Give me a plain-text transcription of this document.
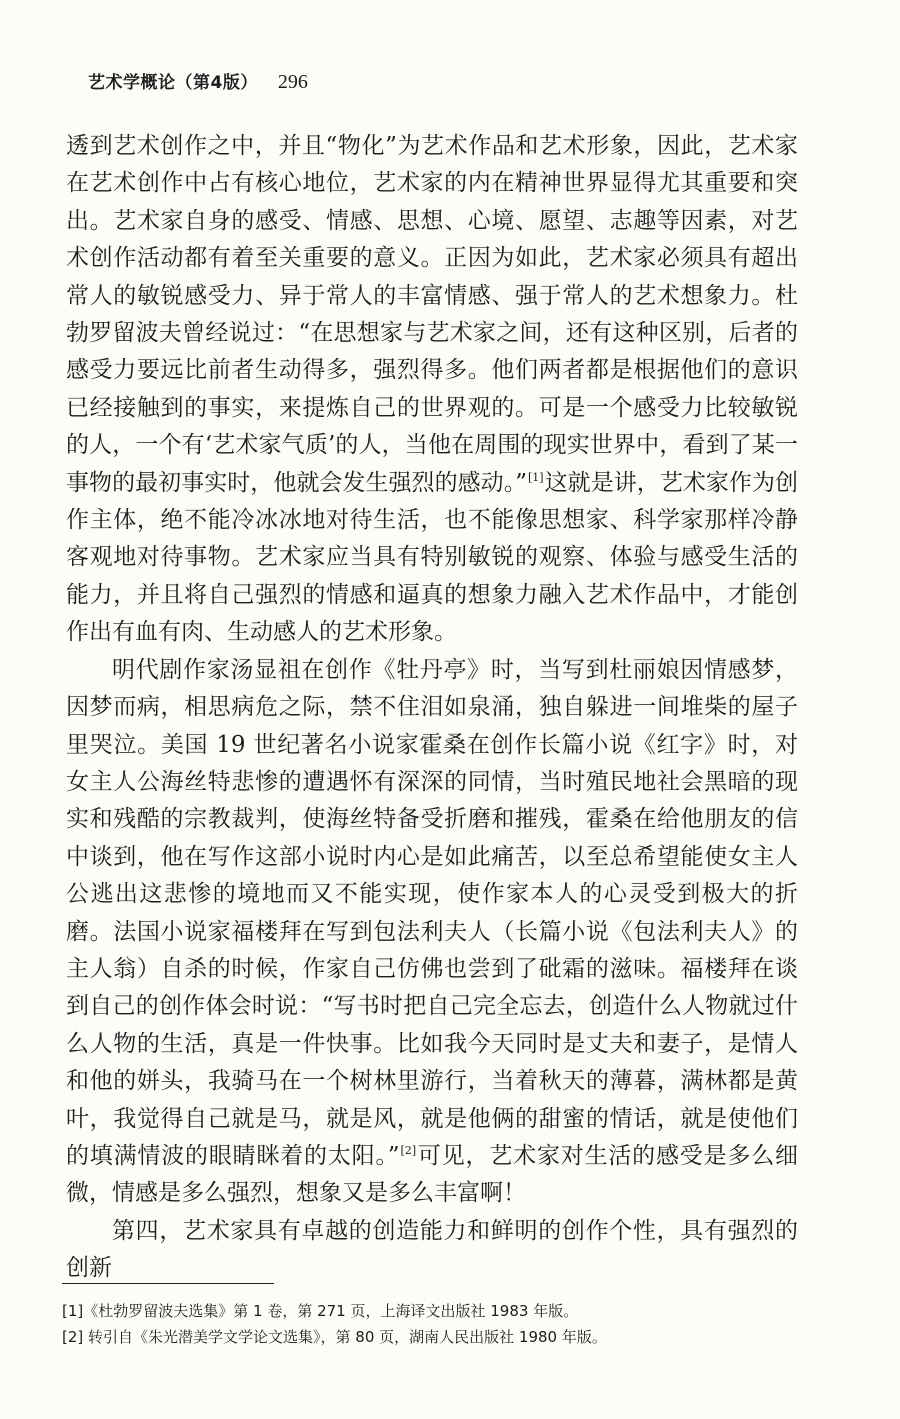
艺术学概论（第4版） 296

透到艺术创作之中，并且“物化”为艺术作品和艺术形象，因此，艺术家在艺术创作中占有核心地位，艺术家的内在精神世界显得尤其重要和突出。艺术家自身的感受、情感、思想、心境、愿望、志趣等因素，对艺术创作活动都有着至关重要的意义。正因为如此，艺术家必须具有超出常人的敏锐感受力、异于常人的丰富情感、强于常人的艺术想象力。杜勃罗留波夫曾经说过：“在思想家与艺术家之间，还有这种区别，后者的感受力要远比前者生动得多，强烈得多。他们两者都是根据他们的意识已经接触到的事实，来提炼自己的世界观的。可是一个感受力比较敏锐的人，一个有‘艺术家气质’的人，当他在周围的现实世界中，看到了某一事物的最初事实时，他就会发生强烈的感动。”[1]这就是讲，艺术家作为创作主体，绝不能冷冰冰地对待生活，也不能像思想家、科学家那样冷静客观地对待事物。艺术家应当具有特别敏锐的观察、体验与感受生活的能力，并且将自己强烈的情感和逼真的想象力融入艺术作品中，才能创作出有血有肉、生动感人的艺术形象。

明代剧作家汤显祖在创作《牡丹亭》时，当写到杜丽娘因情感梦，因梦而病，相思病危之际，禁不住泪如泉涌，独自躲进一间堆柴的屋子里哭泣。美国 19 世纪著名小说家霍桑在创作长篇小说《红字》时，对女主人公海丝特悲惨的遭遇怀有深深的同情，当时殖民地社会黑暗的现实和残酷的宗教裁判，使海丝特备受折磨和摧残，霍桑在给他朋友的信中谈到，他在写作这部小说时内心是如此痛苦，以至总希望能使女主人公逃出这悲惨的境地而又不能实现，使作家本人的心灵受到极大的折磨。法国小说家福楼拜在写到包法利夫人（长篇小说《包法利夫人》的主人翁）自杀的时候，作家自己仿佛也尝到了砒霜的滋味。福楼拜在谈到自己的创作体会时说：“写书时把自己完全忘去，创造什么人物就过什么人物的生活，真是一件快事。比如我今天同时是丈夫和妻子，是情人和他的姘头，我骑马在一个树林里游行，当着秋天的薄暮，满林都是黄叶，我觉得自己就是马，就是风，就是他俩的甜蜜的情话，就是使他们的填满情波的眼睛眯着的太阳。”[2]可见，艺术家对生活的感受是多么细微，情感是多么强烈，想象又是多么丰富啊！

第四，艺术家具有卓越的创造能力和鲜明的创作个性，具有强烈的创新

[1]《杜勃罗留波夫选集》第 1 卷，第 271 页，上海译文出版社 1983 年版。
[2] 转引自《朱光潜美学文学论文选集》，第 80 页，湖南人民出版社 1980 年版。
